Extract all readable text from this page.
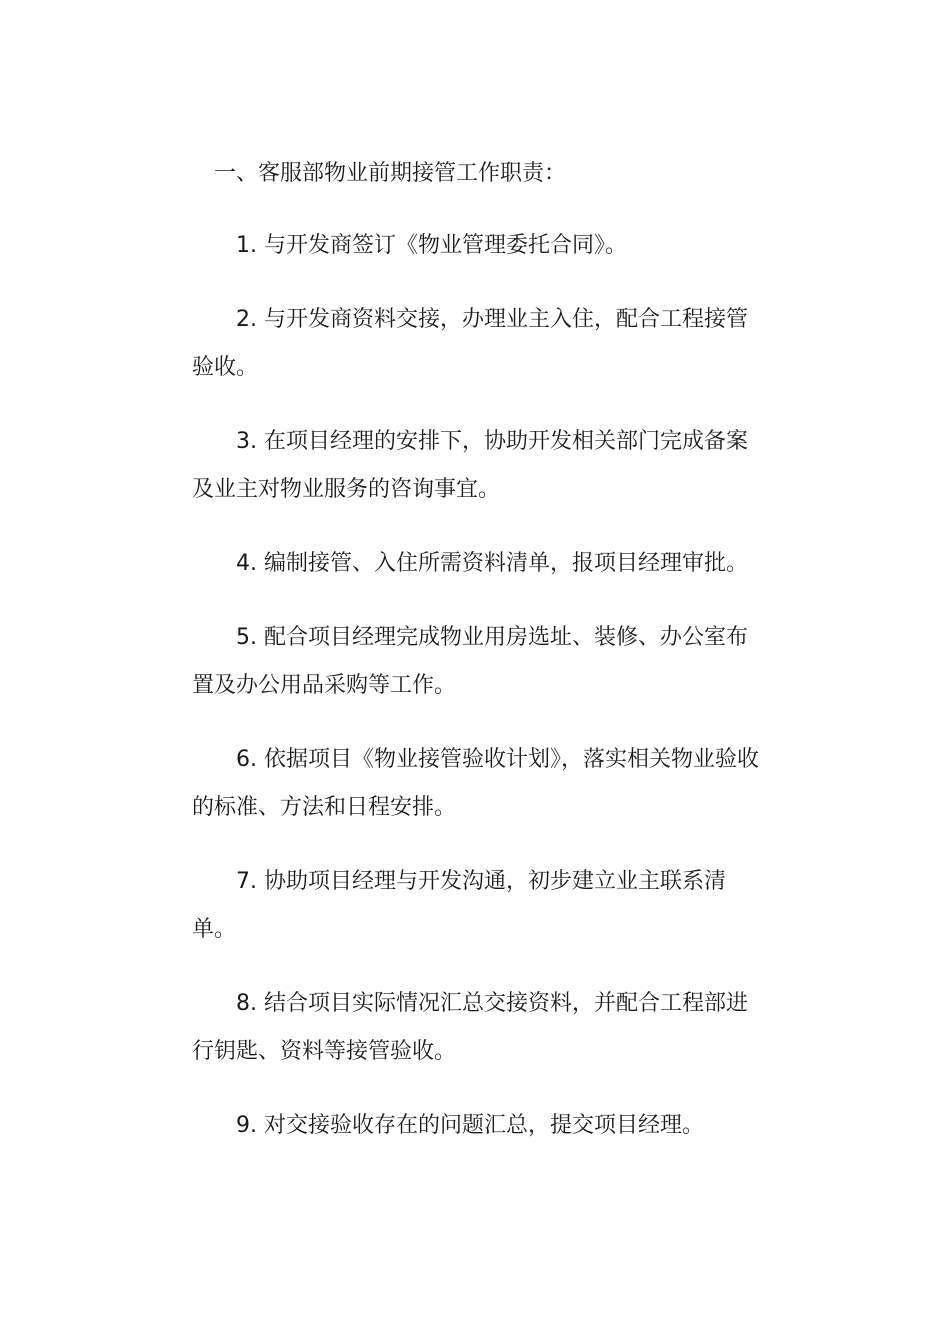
一、客服部物业前期接管工作职责：

1. 与开发商签订《物业管理委托合同》。

2. 与开发商资料交接，办理业主入住，配合工程接管验收。

3. 在项目经理的安排下，协助开发相关部门完成备案及业主对物业服务的咨询事宜。

4. 编制接管、入住所需资料清单，报项目经理审批。

5. 配合项目经理完成物业用房选址、装修、办公室布置及办公用品采购等工作。

6. 依据项目《物业接管验收计划》，落实相关物业验收的标准、方法和日程安排。

7. 协助项目经理与开发沟通，初步建立业主联系清单。

8. 结合项目实际情况汇总交接资料，并配合工程部进行钥匙、资料等接管验收。

9. 对交接验收存在的问题汇总，提交项目经理。
